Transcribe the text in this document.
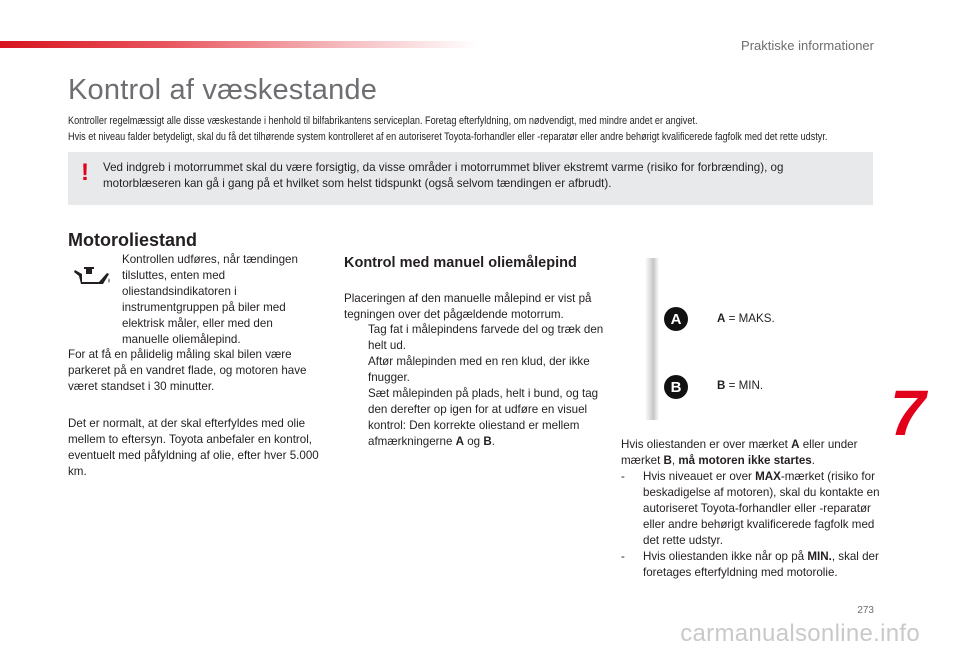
Praktiske informationer
Kontrol af væskestande

Kontroller regelmæssigt alle disse væskestande i henhold til bilfabrikantens serviceplan. Foretag efterfyldning, om nødvendigt, med mindre andet er angivet.

Hvis et niveau falder betydeligt, skal du få det tilhørende system kontrolleret af en autoriseret Toyota-forhandler eller -reparatør eller andre behørigt kvalificerede fagfolk med det rette udstyr.

! Ved indgreb i motorrummet skal du være forsigtig, da visse områder i motorrummet bliver ekstremt varme (risiko for forbrænding), og motorblæseren kan gå i gang på et hvilket som helst tidspunkt (også selvom tændingen er afbrudt).

Motoroliestand

Kontrollen udføres, når tændingen tilsluttes, enten med oliestandsindikatoren i instrumentgruppen på biler med elektrisk måler, eller med den manuelle oliemålepind.

For at få en pålidelig måling skal bilen være parkeret på en vandret flade, og motoren have været standset i 30 minutter.

Det er normalt, at der skal efterfyldes med olie mellem to eftersyn. Toyota anbefaler en kontrol, eventuelt med påfyldning af olie, efter hver 5.000 km.

Kontrol med manuel oliemålepind

Placeringen af den manuelle målepind er vist på tegningen over det pågældende motorrum.

Tag fat i målepindens farvede del og træk den helt ud.
Aftør målepinden med en ren klud, der ikke fnugger.
Sæt målepinden på plads, helt i bund, og tag den derefter op igen for at udføre en visuel kontrol: Den korrekte oliestand er mellem afmærkningerne A og B.
A
B
A = MAKS.
B = MIN.

Hvis oliestanden er over mærket A eller under mærket B, må motoren ikke startes.

- Hvis niveauet er over MAX-mærket (risiko for beskadigelse af motoren), skal du kontakte en autoriseret Toyota-forhandler eller -reparatør eller andre behørigt kvalificerede fagfolk med det rette udstyr.
- Hvis oliestanden ikke når op på MIN., skal der foretages efterfyldning med motorolie.
7
273
carmanualsonline.info
